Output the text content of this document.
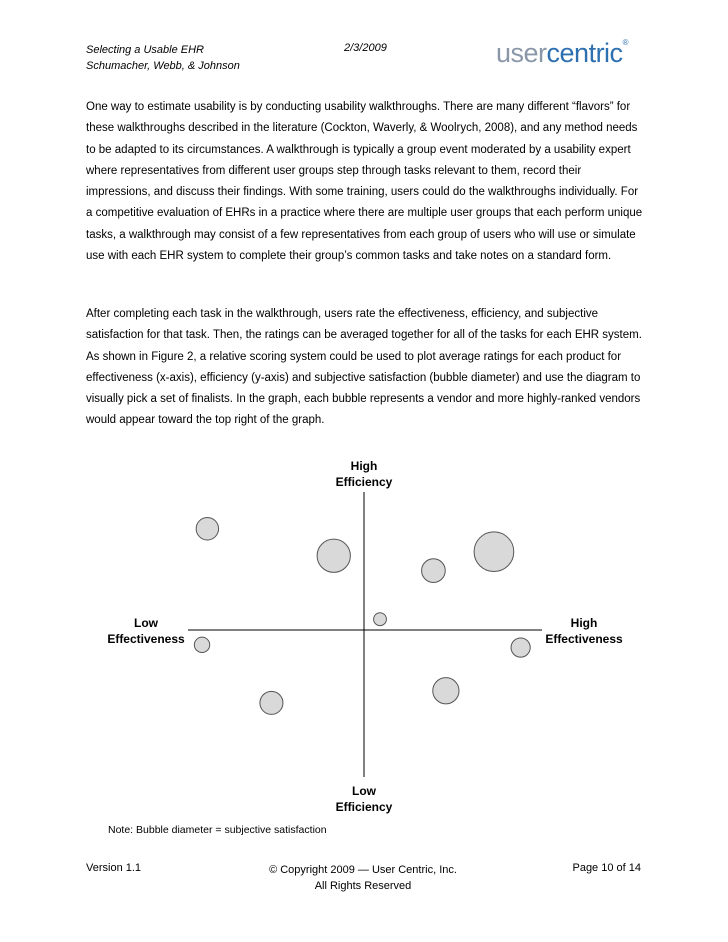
Selecting a Usable EHR
Schumacher, Webb, & Johnson
2/3/2009	usercentric®

One way to estimate usability is by conducting usability walkthroughs. There are many different “flavors” for these walkthroughs described in the literature (Cockton, Waverly, & Woolrych, 2008), and any method needs to be adapted to its circumstances. A walkthrough is typically a group event moderated by a usability expert where representatives from different user groups step through tasks relevant to them, record their impressions, and discuss their findings. With some training, users could do the walkthroughs individually. For a competitive evaluation of EHRs in a practice where there are multiple user groups that each perform unique tasks, a walkthrough may consist of a few representatives from each group of users who will use or simulate use with each EHR system to complete their group’s common tasks and take notes on a standard form.

After completing each task in the walkthrough, users rate the effectiveness, efficiency, and subjective satisfaction for that task. Then, the ratings can be averaged together for all of the tasks for each EHR system. As shown in Figure 2, a relative scoring system could be used to plot average ratings for each product for effectiveness (x-axis), efficiency (y-axis) and subjective satisfaction (bubble diameter) and use the diagram to visually pick a set of finalists. In the graph, each bubble represents a vendor and more highly-ranked vendors would appear toward the top right of the graph.

High
Efficiency
Low
Effectiveness
High
Effectiveness
Low
Efficiency
Note: Bubble diameter = subjective satisfaction
Version 1.1	© Copyright 2009 — User Centric, Inc.
All Rights Reserved
Page 10 of 14
